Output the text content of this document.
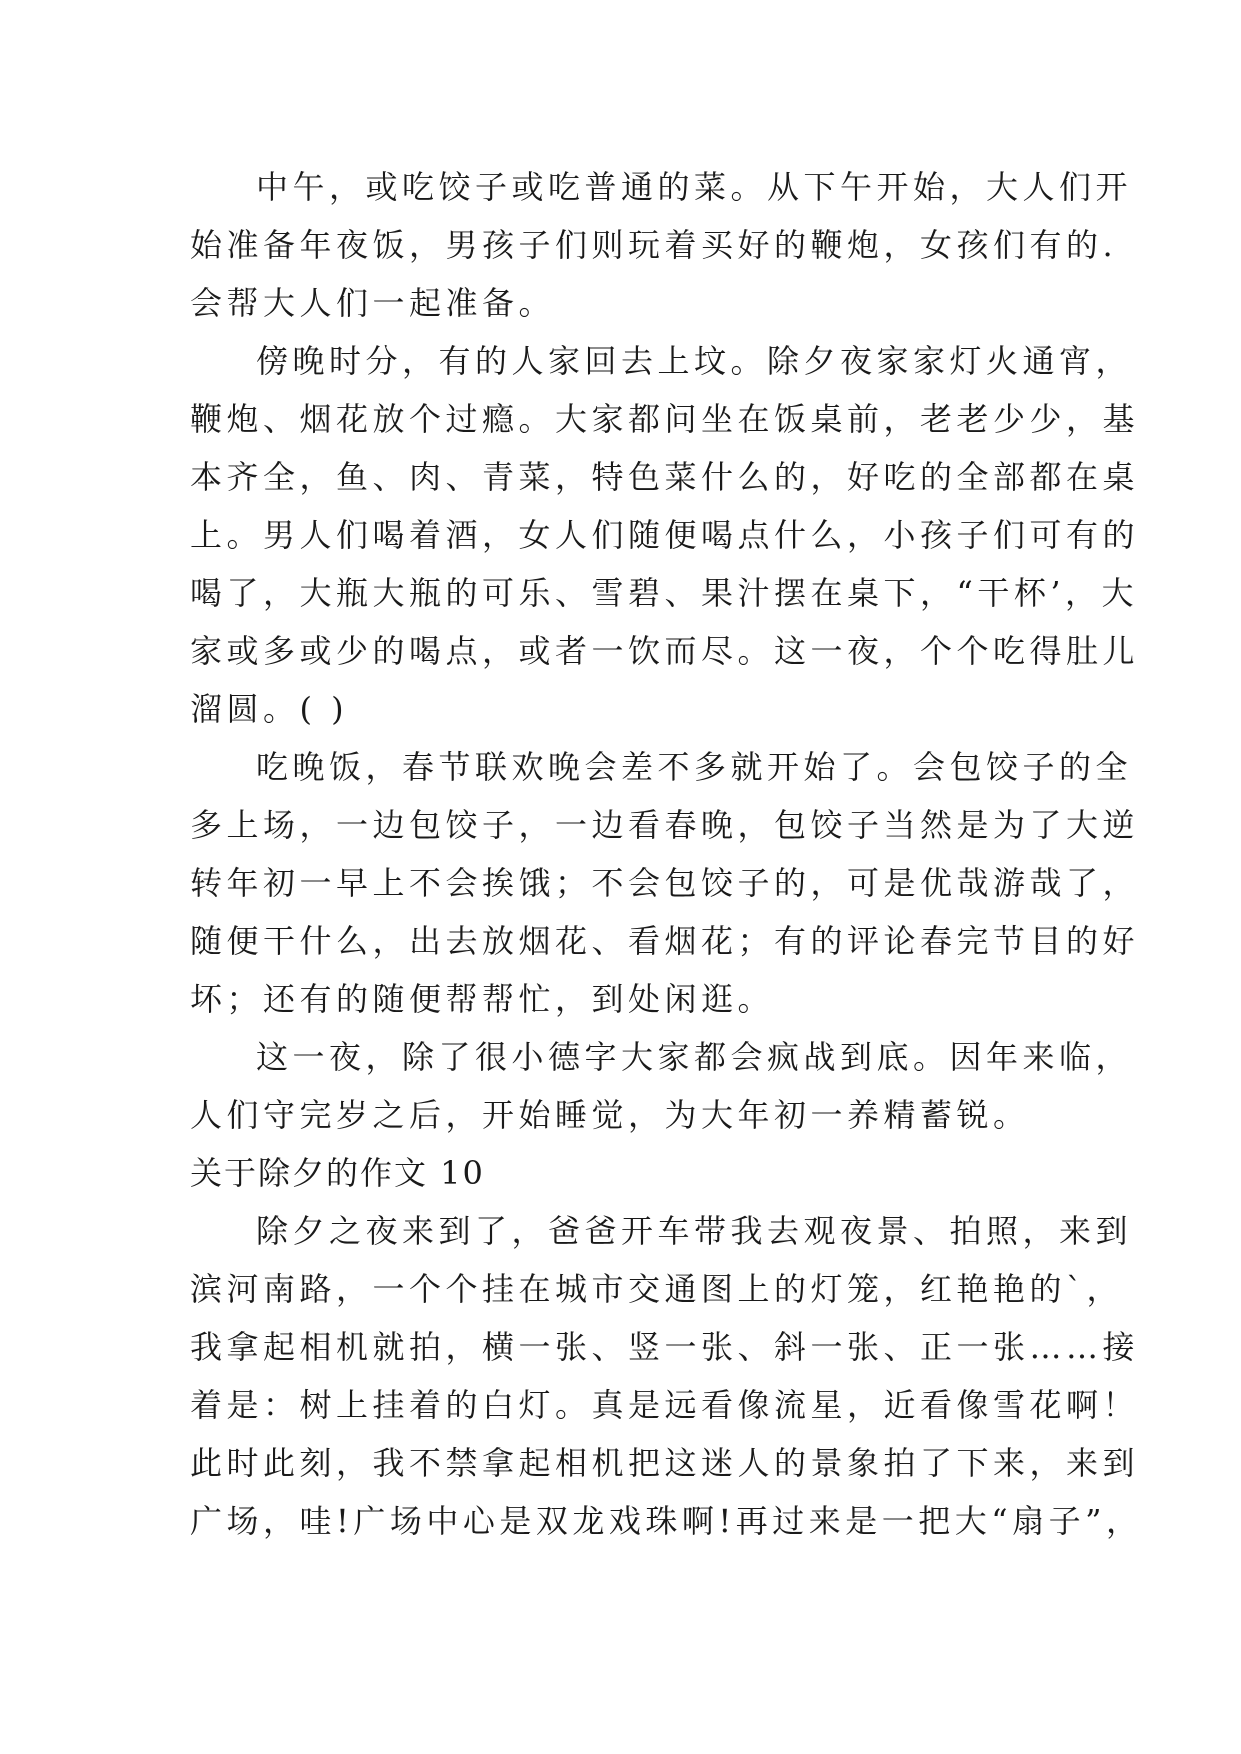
中午，或吃饺子或吃普通的菜。从下午开始，大人们开
始准备年夜饭，男孩子们则玩着买好的鞭炮，女孩们有的.
会帮大人们一起准备。
傍晚时分，有的人家回去上坟。除夕夜家家灯火通宵，
鞭炮、烟花放个过瘾。大家都问坐在饭桌前，老老少少，基
本齐全，鱼、肉、青菜，特色菜什么的，好吃的全部都在桌
上。男人们喝着酒，女人们随便喝点什么，小孩子们可有的
喝了，大瓶大瓶的可乐、雪碧、果汁摆在桌下，“干杯’，大
家或多或少的喝点，或者一饮而尽。这一夜，个个吃得肚儿
溜圆。( )
吃晚饭，春节联欢晚会差不多就开始了。会包饺子的全
多上场，一边包饺子，一边看春晚，包饺子当然是为了大逆
转年初一早上不会挨饿；不会包饺子的，可是优哉游哉了，
随便干什么，出去放烟花、看烟花；有的评论春完节目的好
坏；还有的随便帮帮忙，到处闲逛。
这一夜，除了很小德字大家都会疯战到底。因年来临，
人们守完岁之后，开始睡觉，为大年初一养精蓄锐。
关于除夕的作文 10
除夕之夜来到了，爸爸开车带我去观夜景、拍照，来到
滨河南路，一个个挂在城市交通图上的灯笼，红艳艳的`，
我拿起相机就拍，横一张、竖一张、斜一张、正一张……接
着是：树上挂着的白灯。真是远看像流星，近看像雪花啊！
此时此刻，我不禁拿起相机把这迷人的景象拍了下来，来到
广场，哇!广场中心是双龙戏珠啊!再过来是一把大“扇子”，
